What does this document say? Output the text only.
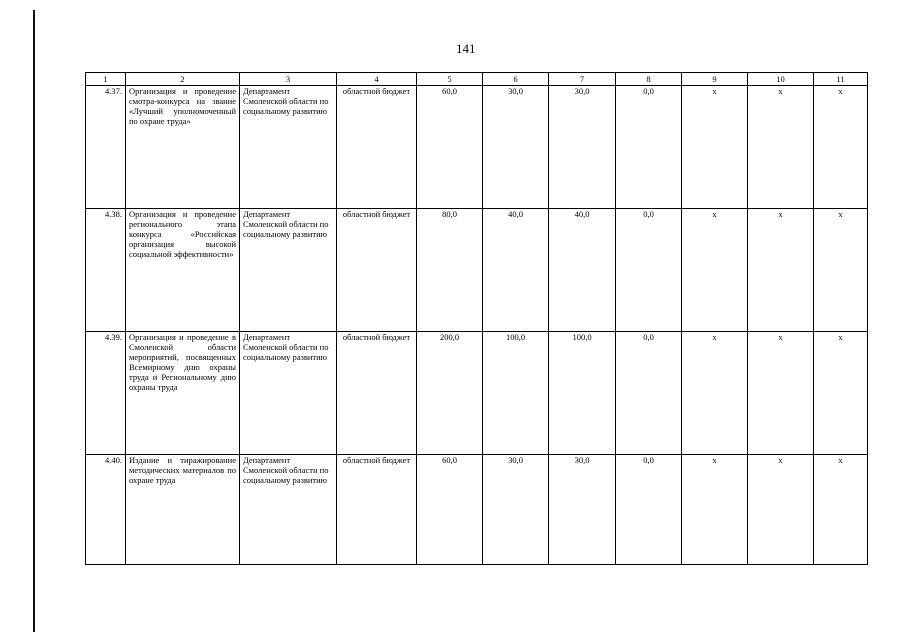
141
1	2	3	4	5	6	7	8	9	10	11
4.37.	Организация и проведение смотра-конкурса на звание «Лучший уполномоченный по охране труда»	Департамент Смоленской области по социальному развитию	областной бюджет	60,0	30,0	30,0	0,0	х	х	х
4.38.	Организация и проведение регионального этапа конкурса «Российская организация высокой социальной эффективности»	Департамент Смоленской области по социальному развитию	областной бюджет	80,0	40,0	40,0	0,0	х	х	х
4.39.	Организация и проведение в Смоленской области мероприятий, посвященных Всемирному дню охраны труда и Региональному дню охраны труда	Департамент Смоленской области по социальному развитию	областной бюджет	200,0	100,0	100,0	0,0	х	х	х
4.40.	Издание и тиражирование методических материалов по охране труда	Департамент Смоленской области по социальному развитию	областной бюджет	60,0	30,0	30,0	0,0	х	х	х
